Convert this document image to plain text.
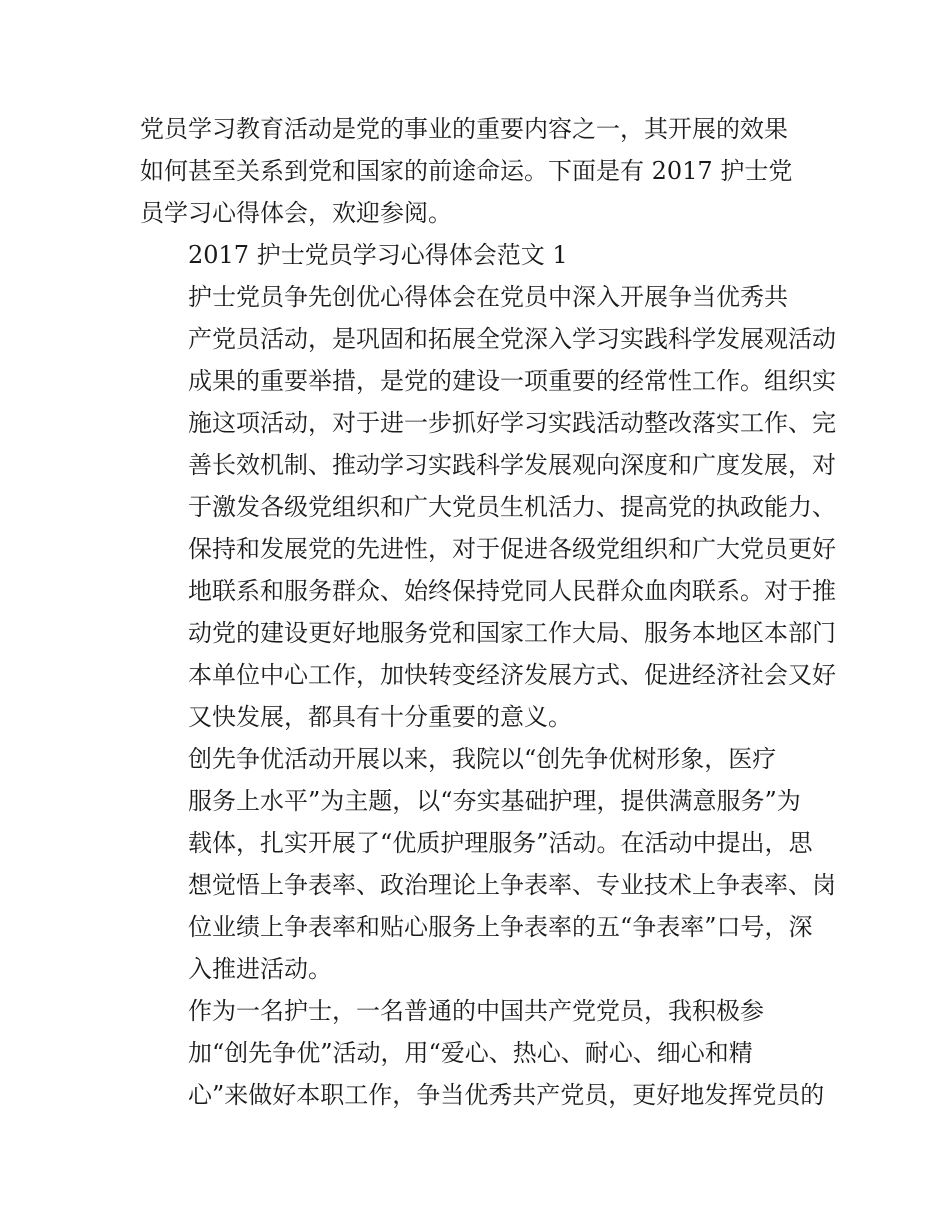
党员学习教育活动是党的事业的重要内容之一，其开展的效果
如何甚至关系到党和国家的前途命运。下面是有 2017 护士党
员学习心得体会，欢迎参阅。

2017 护士党员学习心得体会范文 1

护士党员争先创优心得体会在党员中深入开展争当优秀共
产党员活动，是巩固和拓展全党深入学习实践科学发展观活动
成果的重要举措，是党的建设一项重要的经常性工作。组织实
施这项活动，对于进一步抓好学习实践活动整改落实工作、完
善长效机制、推动学习实践科学发展观向深度和广度发展，对
于激发各级党组织和广大党员生机活力、提高党的执政能力、
保持和发展党的先进性，对于促进各级党组织和广大党员更好
地联系和服务群众、始终保持党同人民群众血肉联系。对于推
动党的建设更好地服务党和国家工作大局、服务本地区本部门
本单位中心工作，加快转变经济发展方式、促进经济社会又好
又快发展，都具有十分重要的意义。

创先争优活动开展以来，我院以“创先争优树形象，医疗
服务上水平”为主题，以“夯实基础护理，提供满意服务”为
载体，扎实开展了“优质护理服务”活动。在活动中提出，思
想觉悟上争表率、政治理论上争表率、专业技术上争表率、岗
位业绩上争表率和贴心服务上争表率的五“争表率”口号，深
入推进活动。

作为一名护士，一名普通的中国共产党党员，我积极参
加“创先争优”活动，用“爱心、热心、耐心、细心和精
心”来做好本职工作，争当优秀共产党员，更好地发挥党员的
